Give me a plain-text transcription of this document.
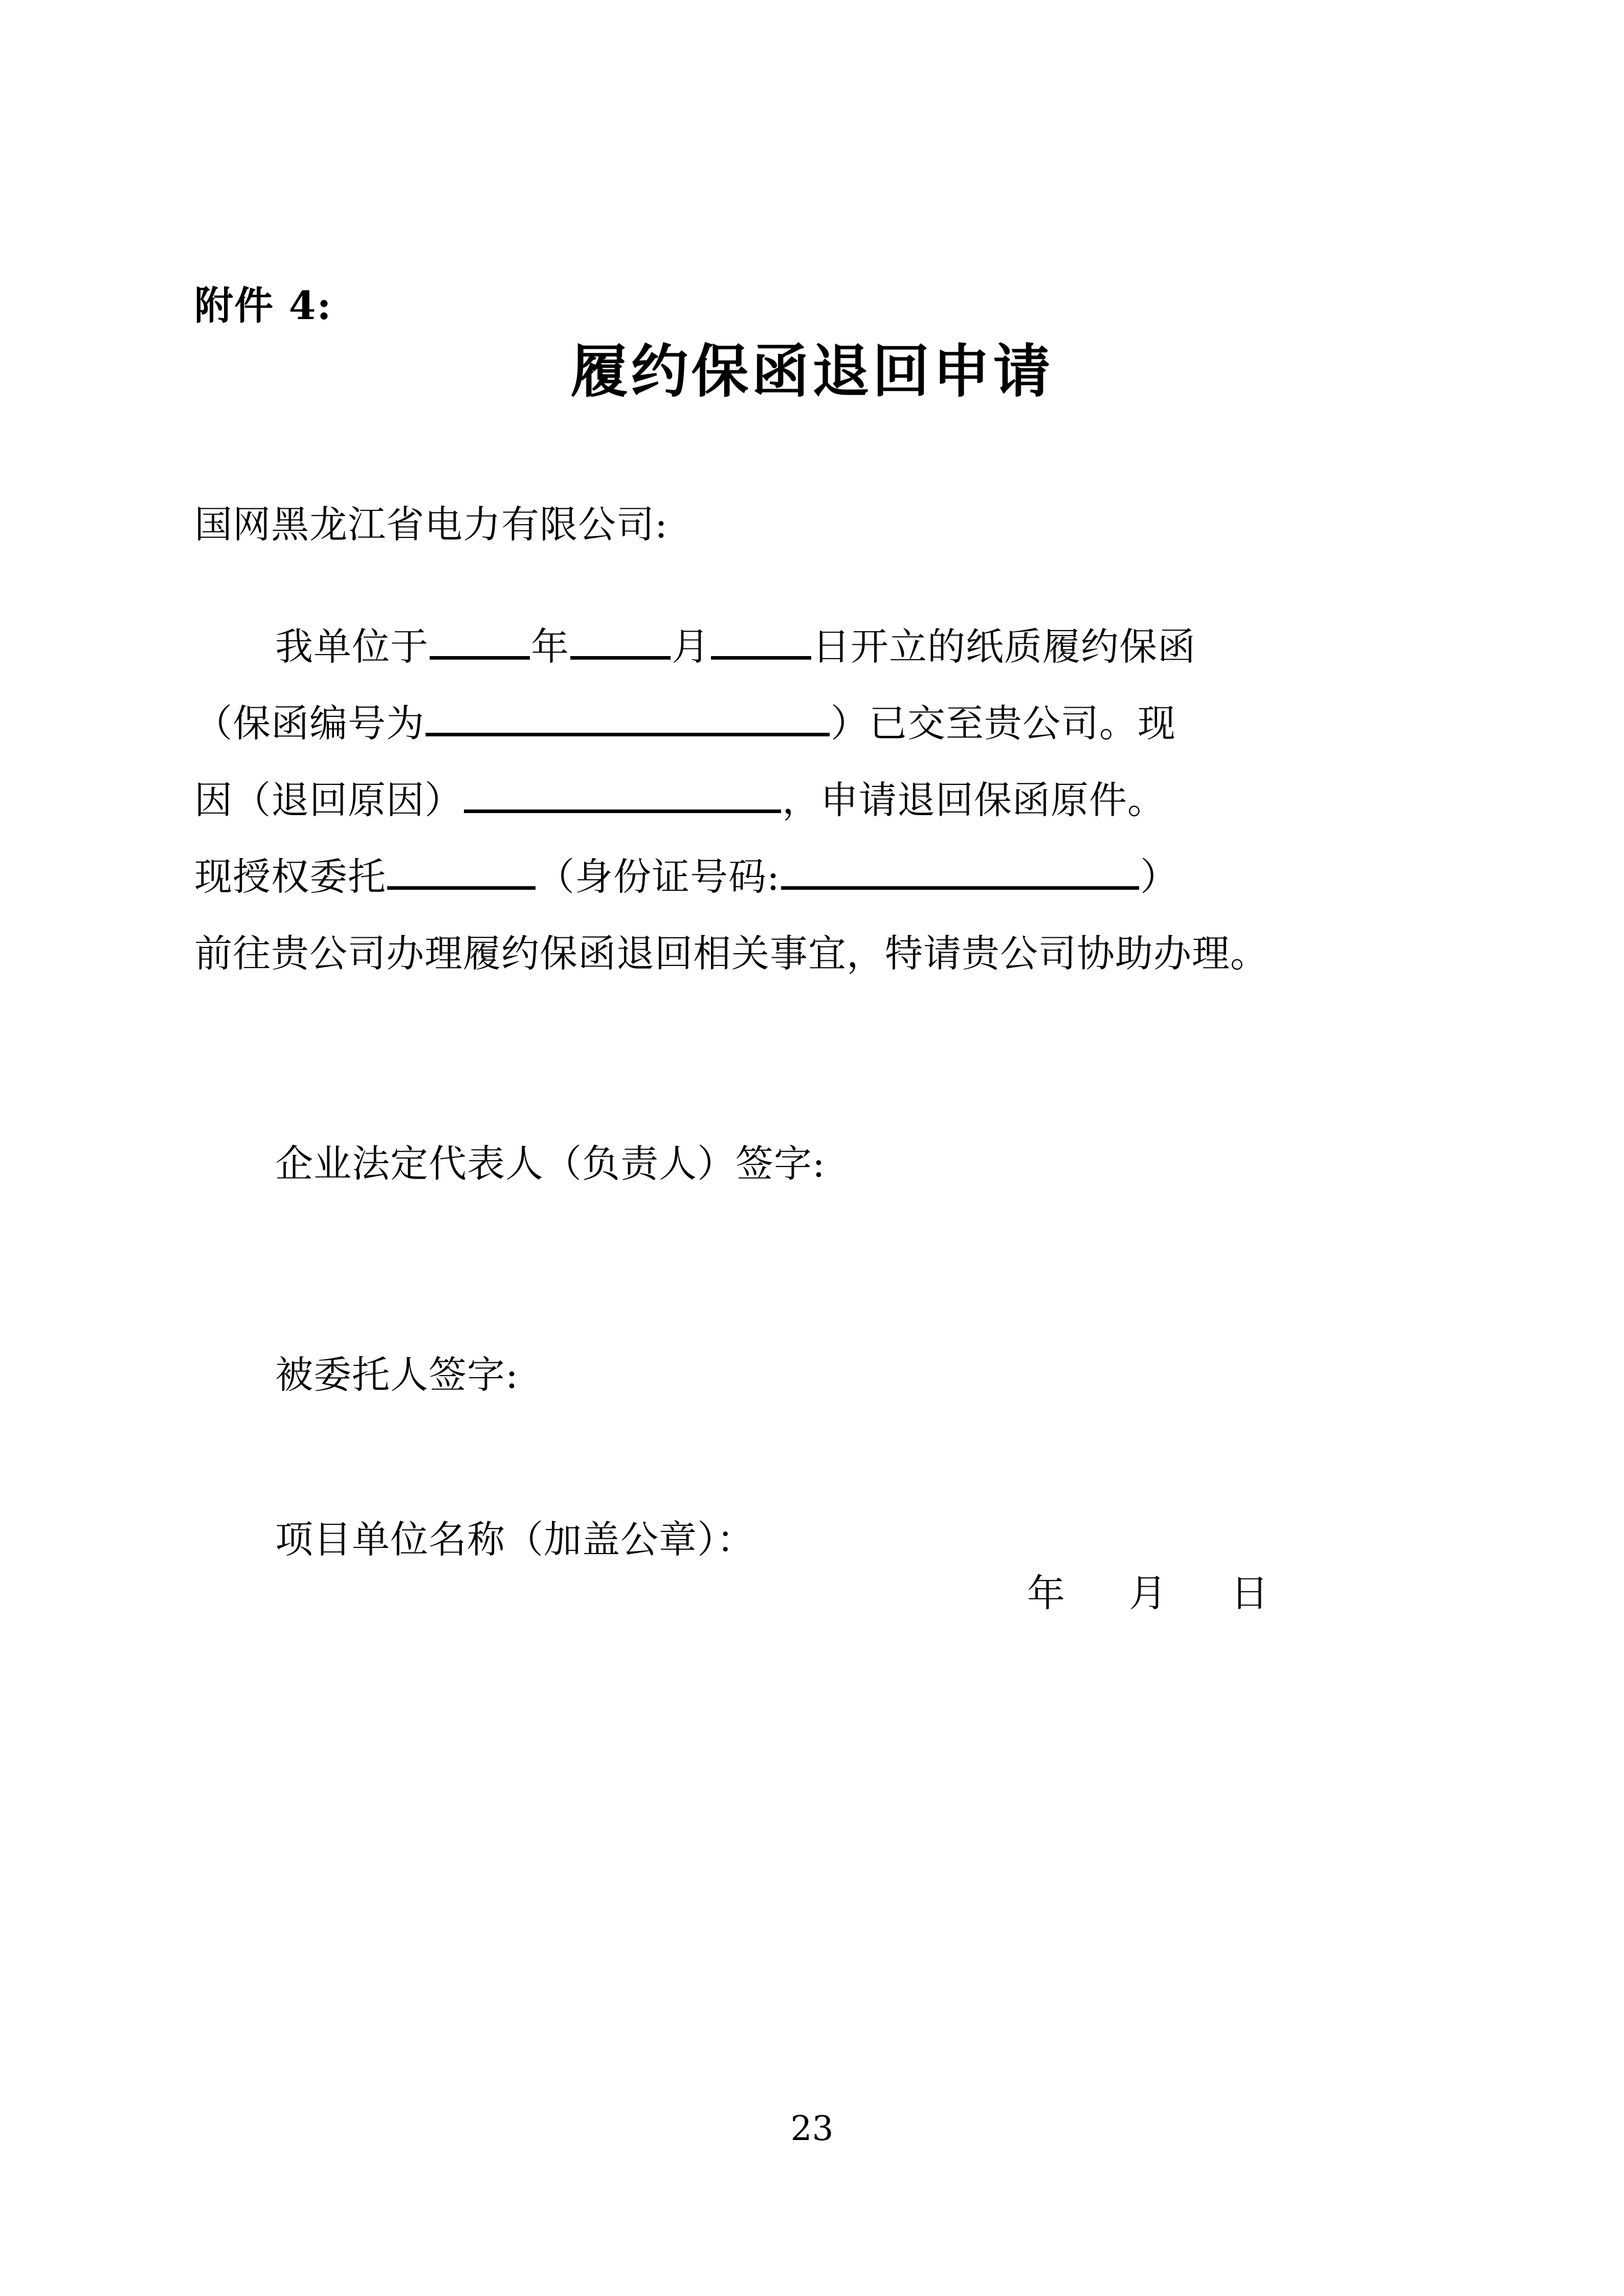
附件 4:
履约保函退回申请
国网黑龙江省电力有限公司:
我单位于	年	月	日开立的纸质履约保函
（保函编号为	）已交至贵公司。现
因（退回原因）	，申请退回保函原件。
现授权委托	（身份证号码:	）
前往贵公司办理履约保函退回相关事宜，特请贵公司协助办理。
企业法定代表人（负责人）签字:
被委托人签字:
项目单位名称（加盖公章）：
年 月 日
23
